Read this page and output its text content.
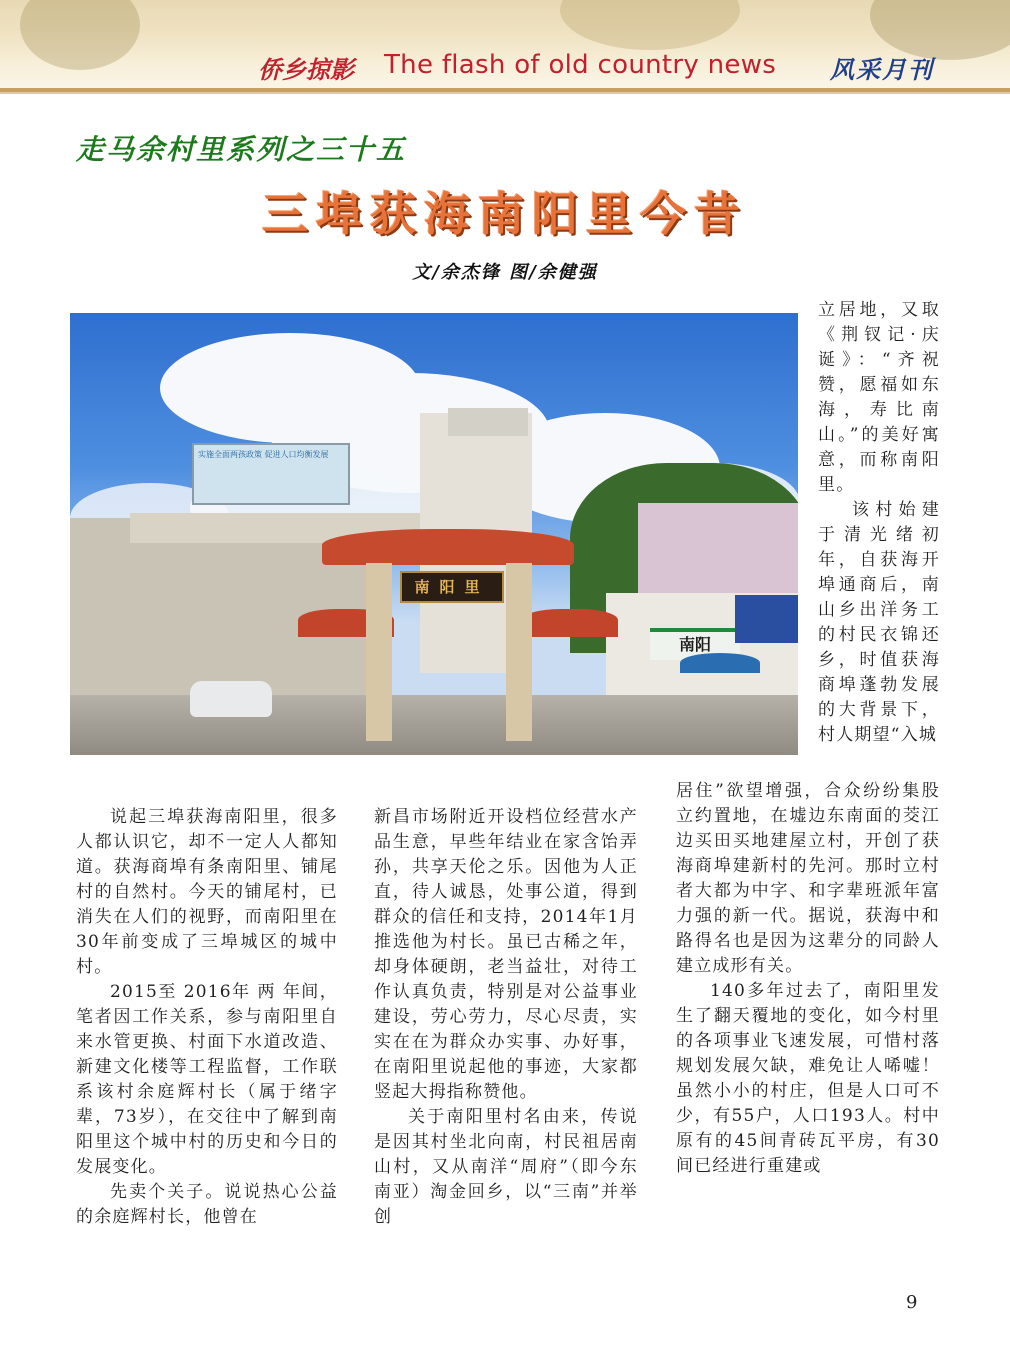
侨乡掠影 The flash of old country news 风采月刊
走马余村里系列之三十五
三埠获海南阳里今昔
文/余杰锋 图/余健强
实施全面两孩政策 促进人口均衡发展
南阳
南阳里

立居地，又取《荆钗记·庆诞》：“齐祝赞，愿福如东海，寿比南山。”的美好寓意，而称南阳里。

该村始建于清光绪初年，自获海开埠通商后，南山乡出洋务工的村民衣锦还乡，时值获海商埠蓬勃发展的大背景下，村人期望“入城

说起三埠获海南阳里，很多人都认识它，却不一定人人都知道。获海商埠有条南阳里、铺尾村的自然村。今天的铺尾村，已消失在人们的视野，而南阳里在30年前变成了三埠城区的城中村。

2015至 2016年 两 年间，笔者因工作关系，参与南阳里自来水管更换、村面下水道改造、新建文化楼等工程监督，工作联系该村余庭辉村长（属于绪字辈，73岁），在交往中了解到南阳里这个城中村的历史和今日的发展变化。

先卖个关子。说说热心公益的余庭辉村长，他曾在

新昌市场附近开设档位经营水产品生意，早些年结业在家含饴弄孙，共享天伦之乐。因他为人正直，待人诚恳，处事公道，得到群众的信任和支持，2014年1月推选他为村长。虽已古稀之年，却身体硬朗，老当益壮，对待工作认真负责，特别是对公益事业建设，劳心劳力，尽心尽责，实实在在为群众办实事、办好事，在南阳里说起他的事迹，大家都竖起大拇指称赞他。

关于南阳里村名由来，传说是因其村坐北向南，村民祖居南山村，又从南洋“周府”（即今东南亚）淘金回乡，以“三南”并举创

居住”欲望增强，合众纷纷集股立约置地，在墟边东南面的茭江边买田买地建屋立村，开创了获海商埠建新村的先河。那时立村者大都为中字、和字辈班派年富力强的新一代。据说，获海中和路得名也是因为这辈分的同龄人建立成形有关。

140多年过去了，南阳里发生了翻天覆地的变化，如今村里的各项事业飞速发展，可惜村落规划发展欠缺，难免让人唏嘘！虽然小小的村庄，但是人口可不少，有55户，人口193人。村中原有的45间青砖瓦平房，有30间已经进行重建或

9
